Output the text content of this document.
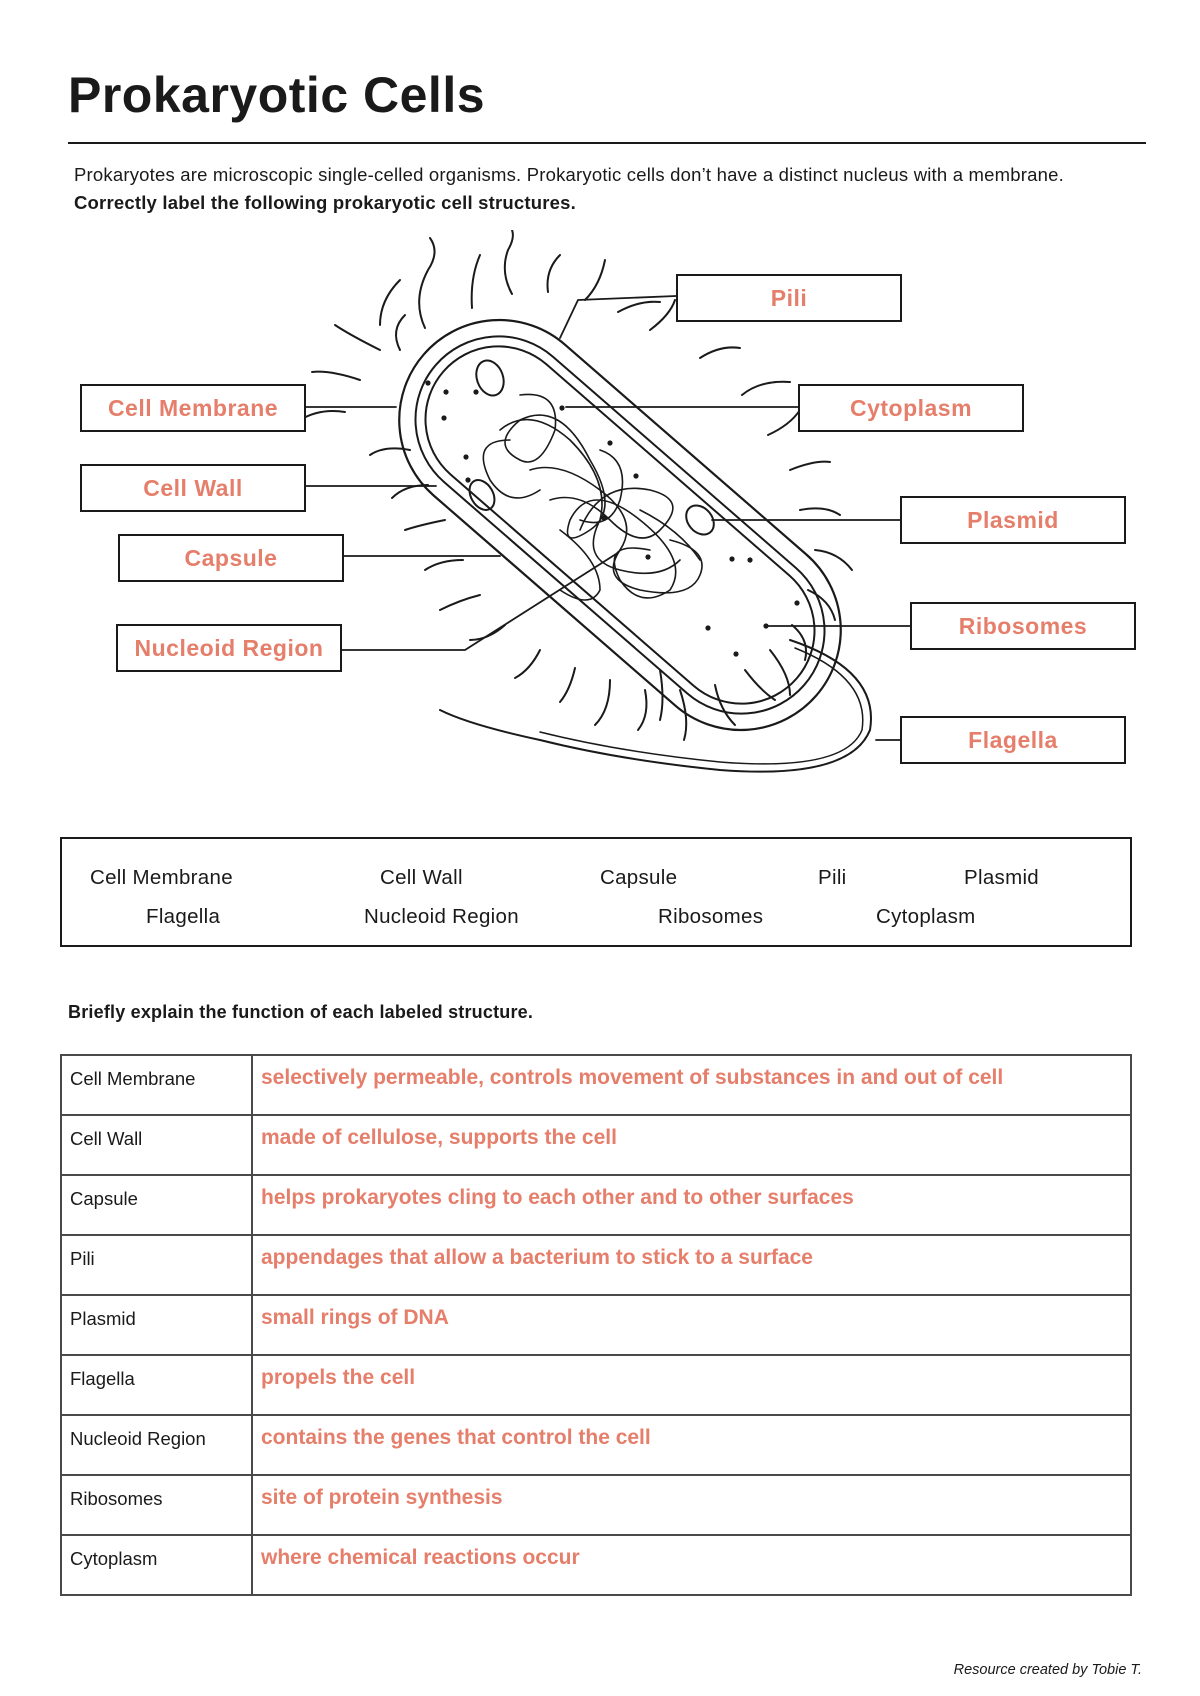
Prokaryotic Cells

Prokaryotes are microscopic single-celled organisms. Prokaryotic cells don’t have a distinct nucleus with a membrane. Correctly label the following prokaryotic cell structures.

Pili
Cell Membrane	Cytoplasm
Cell Wall
Plasmid
Capsule
Nucleoid Region
Ribosomes
Flagella
Cell Membrane	Cell Wall	Capsule	Pili	Plasmid
Flagella	Nucleoid Region	Ribosomes	Cytoplasm
Briefly explain the function of each labeled structure.
Cell Membrane	selectively permeable, controls movement of substances in and out of cell
Cell Wall	made of cellulose, supports the cell
Capsule	helps prokaryotes cling to each other and to other surfaces
Pili	appendages that allow a bacterium to stick to a surface
Plasmid	small rings of DNA
Flagella	propels the cell
Nucleoid Region	contains the genes that control the cell
Ribosomes	site of protein synthesis
Cytoplasm	where chemical reactions occur

Resource created by Tobie T.
